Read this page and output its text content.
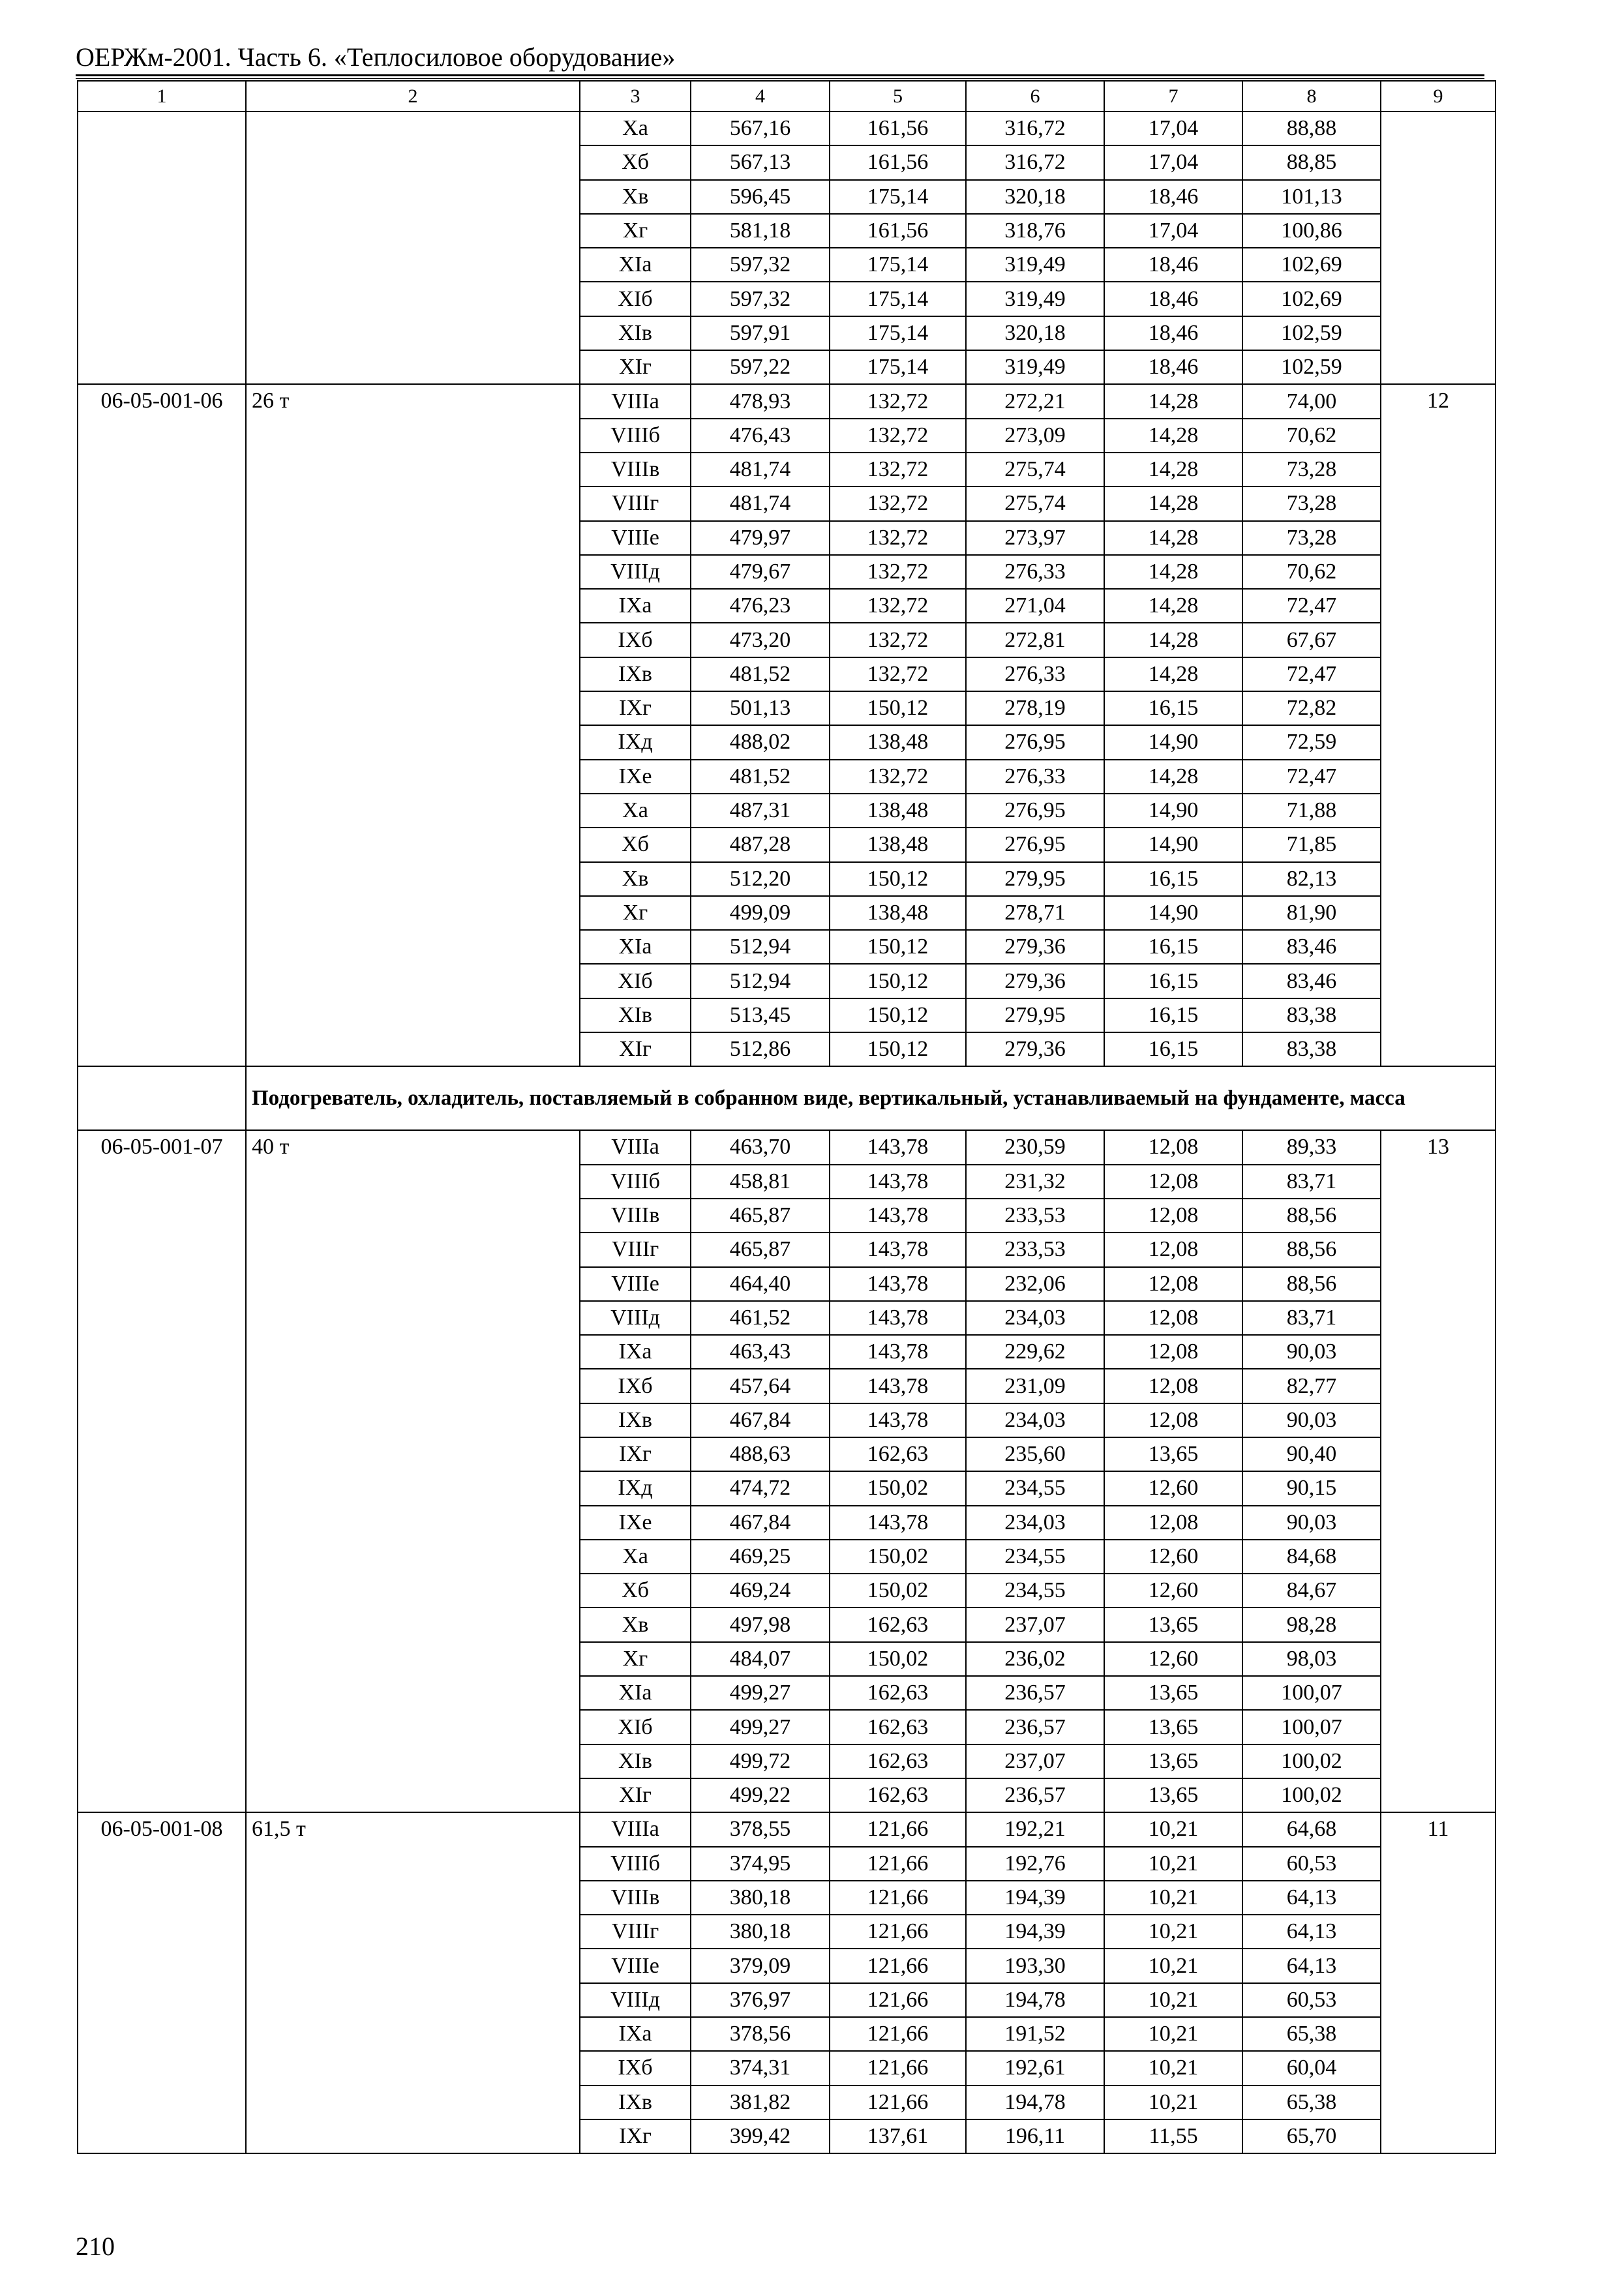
ОЕРЖм-2001. Часть 6. «Теплосиловое оборудование»
1	2	3	4	5	6	7	8	9
		Xа	567,16	161,56	316,72	17,04	88,88	
		Xб	567,13	161,56	316,72	17,04	88,85	
		Xв	596,45	175,14	320,18	18,46	101,13	
		Xг	581,18	161,56	318,76	17,04	100,86	
		XIа	597,32	175,14	319,49	18,46	102,69	
		XIб	597,32	175,14	319,49	18,46	102,69	
		XIв	597,91	175,14	320,18	18,46	102,59	
		XIг	597,22	175,14	319,49	18,46	102,59	
06-05-001-06	26 т	VIIIа	478,93	132,72	272,21	14,28	74,00	12
		VIIIб	476,43	132,72	273,09	14,28	70,62	
		VIIIв	481,74	132,72	275,74	14,28	73,28	
		VIIIг	481,74	132,72	275,74	14,28	73,28	
		VIIIе	479,97	132,72	273,97	14,28	73,28	
		VIIIд	479,67	132,72	276,33	14,28	70,62	
		IXа	476,23	132,72	271,04	14,28	72,47	
		IXб	473,20	132,72	272,81	14,28	67,67	
		IXв	481,52	132,72	276,33	14,28	72,47	
		IXг	501,13	150,12	278,19	16,15	72,82	
		IXд	488,02	138,48	276,95	14,90	72,59	
		IXе	481,52	132,72	276,33	14,28	72,47	
		Xа	487,31	138,48	276,95	14,90	71,88	
		Xб	487,28	138,48	276,95	14,90	71,85	
		Xв	512,20	150,12	279,95	16,15	82,13	
		Xг	499,09	138,48	278,71	14,90	81,90	
		XIа	512,94	150,12	279,36	16,15	83,46	
		XIб	512,94	150,12	279,36	16,15	83,46	
		XIв	513,45	150,12	279,95	16,15	83,38	
		XIг	512,86	150,12	279,36	16,15	83,38	
	Подогреватель, охладитель, поставляемый в собранном виде, вертикальный, устанавливаемый на фундаменте, масса							
06-05-001-07	40 т	VIIIа	463,70	143,78	230,59	12,08	89,33	13
		VIIIб	458,81	143,78	231,32	12,08	83,71	
		VIIIв	465,87	143,78	233,53	12,08	88,56	
		VIIIг	465,87	143,78	233,53	12,08	88,56	
		VIIIе	464,40	143,78	232,06	12,08	88,56	
		VIIIд	461,52	143,78	234,03	12,08	83,71	
		IXа	463,43	143,78	229,62	12,08	90,03	
		IXб	457,64	143,78	231,09	12,08	82,77	
		IXв	467,84	143,78	234,03	12,08	90,03	
		IXг	488,63	162,63	235,60	13,65	90,40	
		IXд	474,72	150,02	234,55	12,60	90,15	
		IXе	467,84	143,78	234,03	12,08	90,03	
		Xа	469,25	150,02	234,55	12,60	84,68	
		Xб	469,24	150,02	234,55	12,60	84,67	
		Xв	497,98	162,63	237,07	13,65	98,28	
		Xг	484,07	150,02	236,02	12,60	98,03	
		XIа	499,27	162,63	236,57	13,65	100,07	
		XIб	499,27	162,63	236,57	13,65	100,07	
		XIв	499,72	162,63	237,07	13,65	100,02	
		XIг	499,22	162,63	236,57	13,65	100,02	
06-05-001-08	61,5 т	VIIIа	378,55	121,66	192,21	10,21	64,68	11
		VIIIб	374,95	121,66	192,76	10,21	60,53	
		VIIIв	380,18	121,66	194,39	10,21	64,13	
		VIIIг	380,18	121,66	194,39	10,21	64,13	
		VIIIе	379,09	121,66	193,30	10,21	64,13	
		VIIIд	376,97	121,66	194,78	10,21	60,53	
		IXа	378,56	121,66	191,52	10,21	65,38	
		IXб	374,31	121,66	192,61	10,21	60,04	
		IXв	381,82	121,66	194,78	10,21	65,38	
		IXг	399,42	137,61	196,11	11,55	65,70	
210
